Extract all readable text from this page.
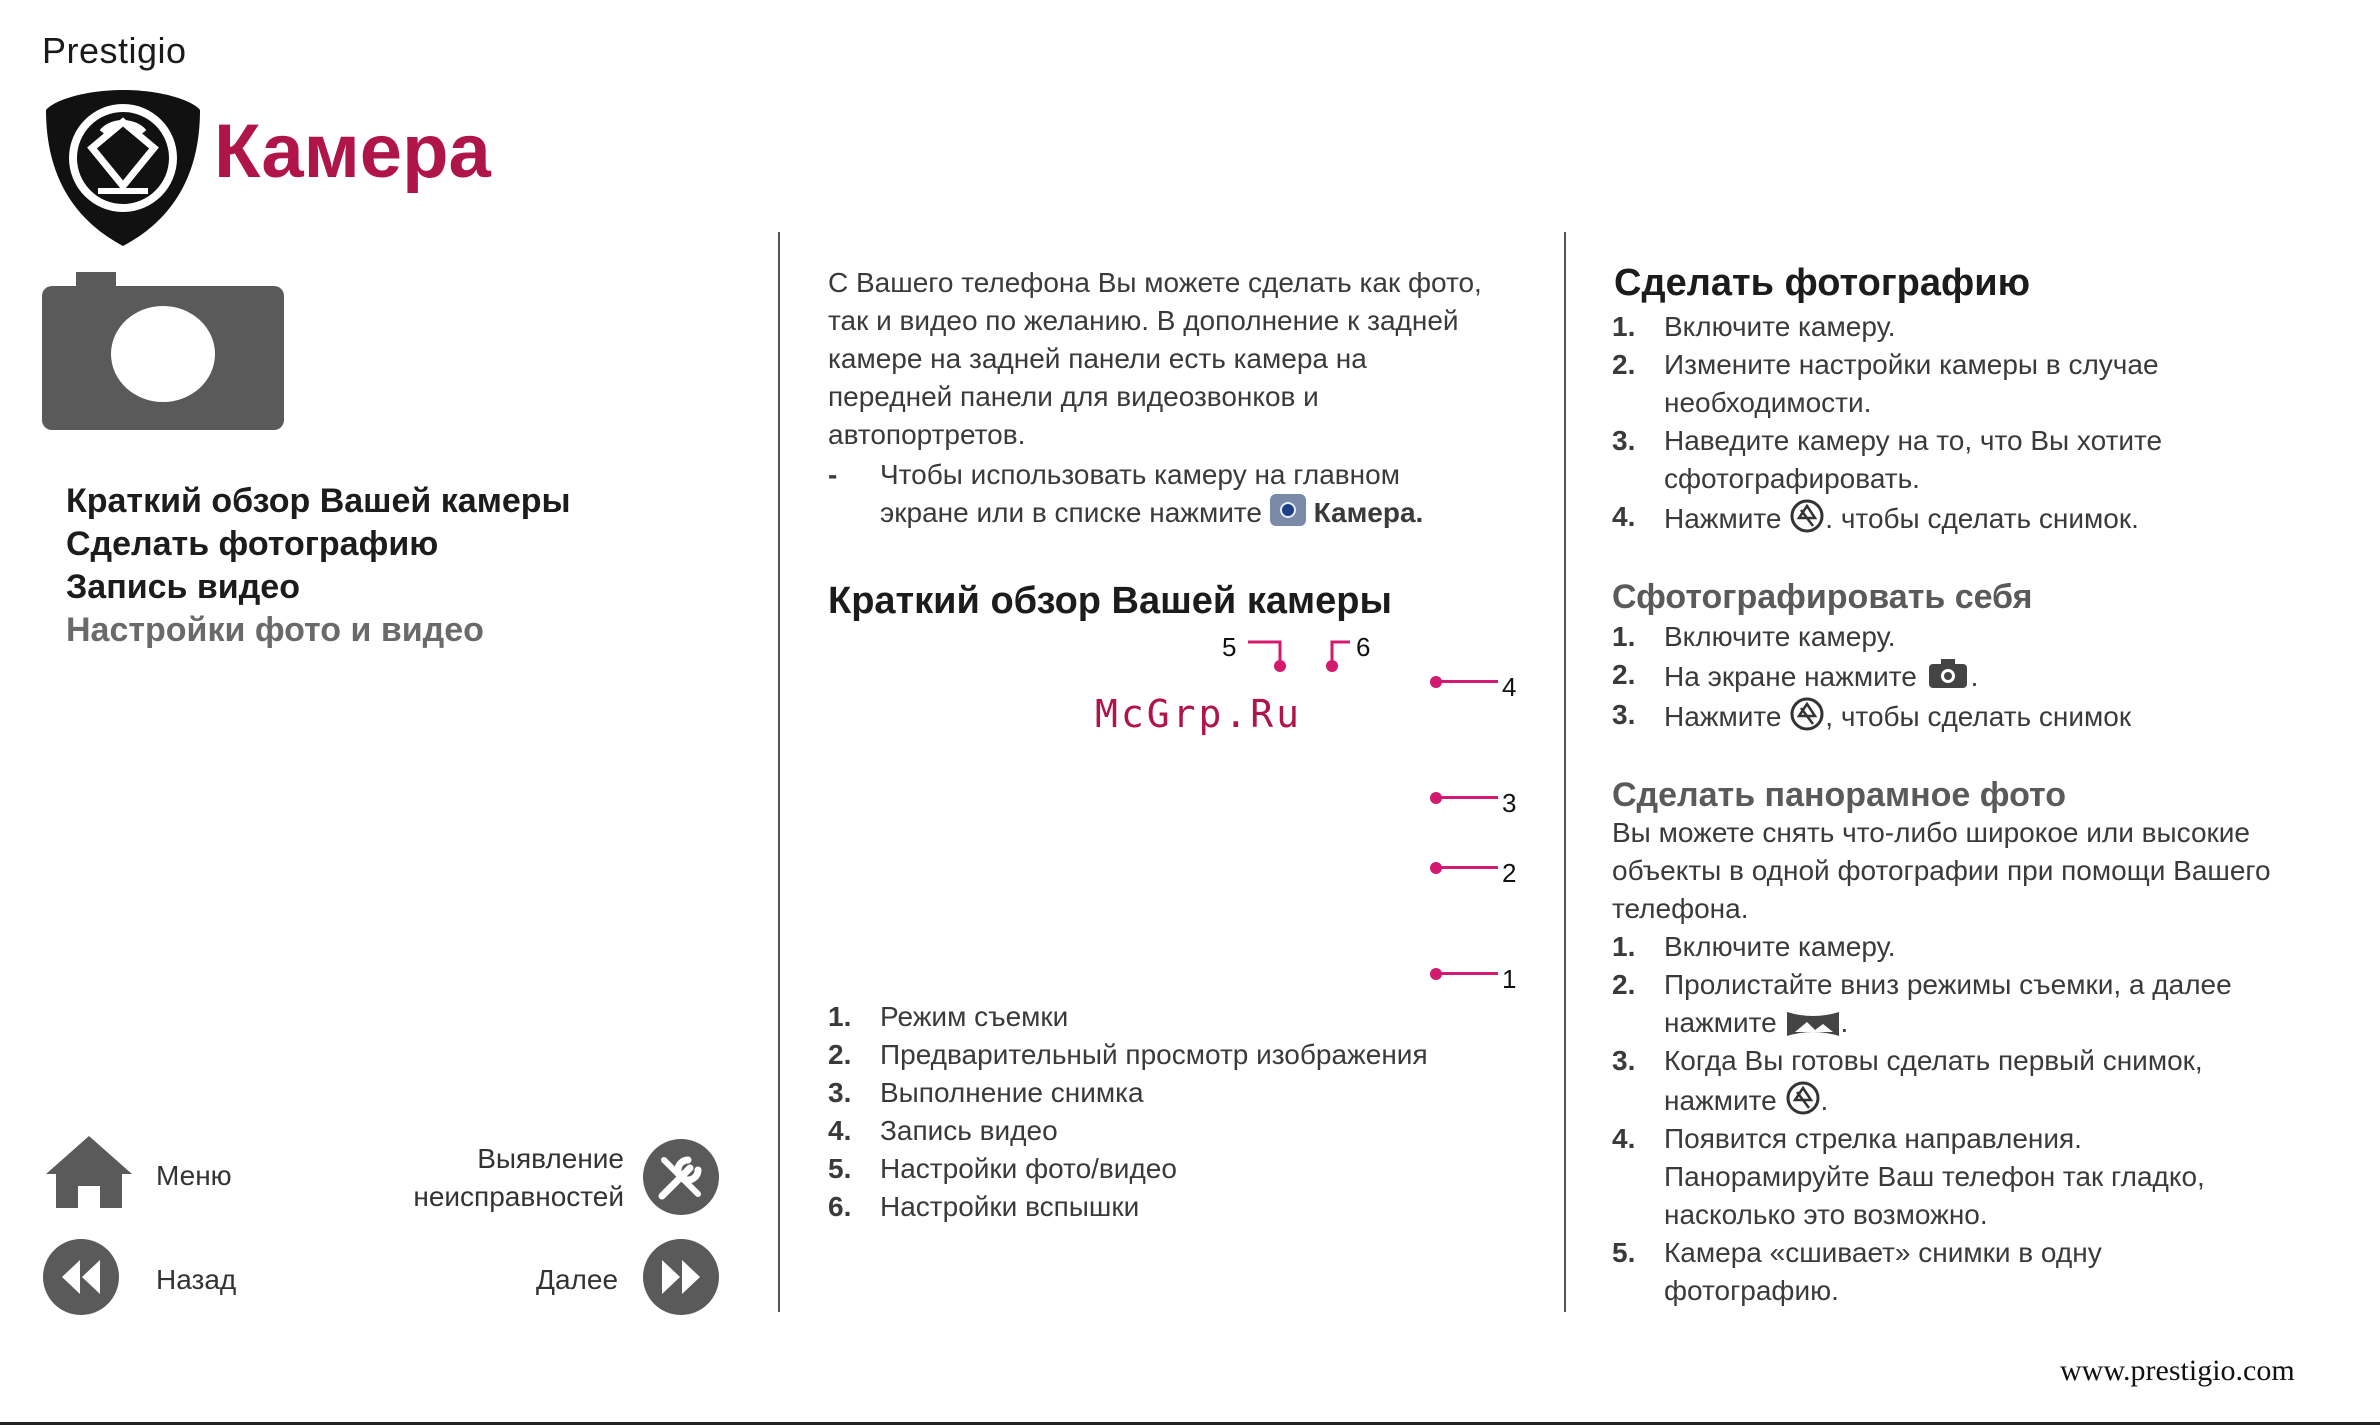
Prestigio
Камера
Краткий обзор Вашей камеры
Сделать фотографию
Запись видео
Настройки фото и видео

С Вашего телефона Вы можете сделать как фото, так и видео по желанию. В дополнение к задней камере на задней панели есть камера на передней панели для видеозвонков и автопортретов.

-	Чтобы использовать камеру на главном экране или в списке нажмите Камера.
Краткий обзор Вашей камеры
5	6
4
3
2
1
McGrp.Ru
1.	Режим съемки
2.	Предварительный просмотр изображения
3.	Выполнение снимка
4.	Запись видео
5.	Настройки фото/видео
6.	Настройки вспышки
Сделать фотографию
1.	Включите камеру.
2.	Измените настройки камеры в случае необходимости.
3.	Наведите камеру на то, что Вы хотите сфотографировать.
4.	Нажмите . чтобы сделать снимок.
Сфотографировать себя
1.	Включите камеру.
2.	На экране нажмите .
3.	Нажмите , чтобы сделать снимок
Сделать панорамное фото

Вы можете снять что-либо широкое или высокие объекты в одной фотографии при помощи Вашего телефона.

1.	Включите камеру.
2.	Пролистайте вниз режимы съемки, а далее нажмите .
3.	Когда Вы готовы сделать первый снимок, нажмите .
4.	Появится стрелка направления. Панорамируйте Ваш телефон так гладко, насколько это возможно.
5.	Камера «сшивает» снимки в одну фотографию.
Меню
Выявление
неисправностей
Назад	Далее
www.prestigio.com
